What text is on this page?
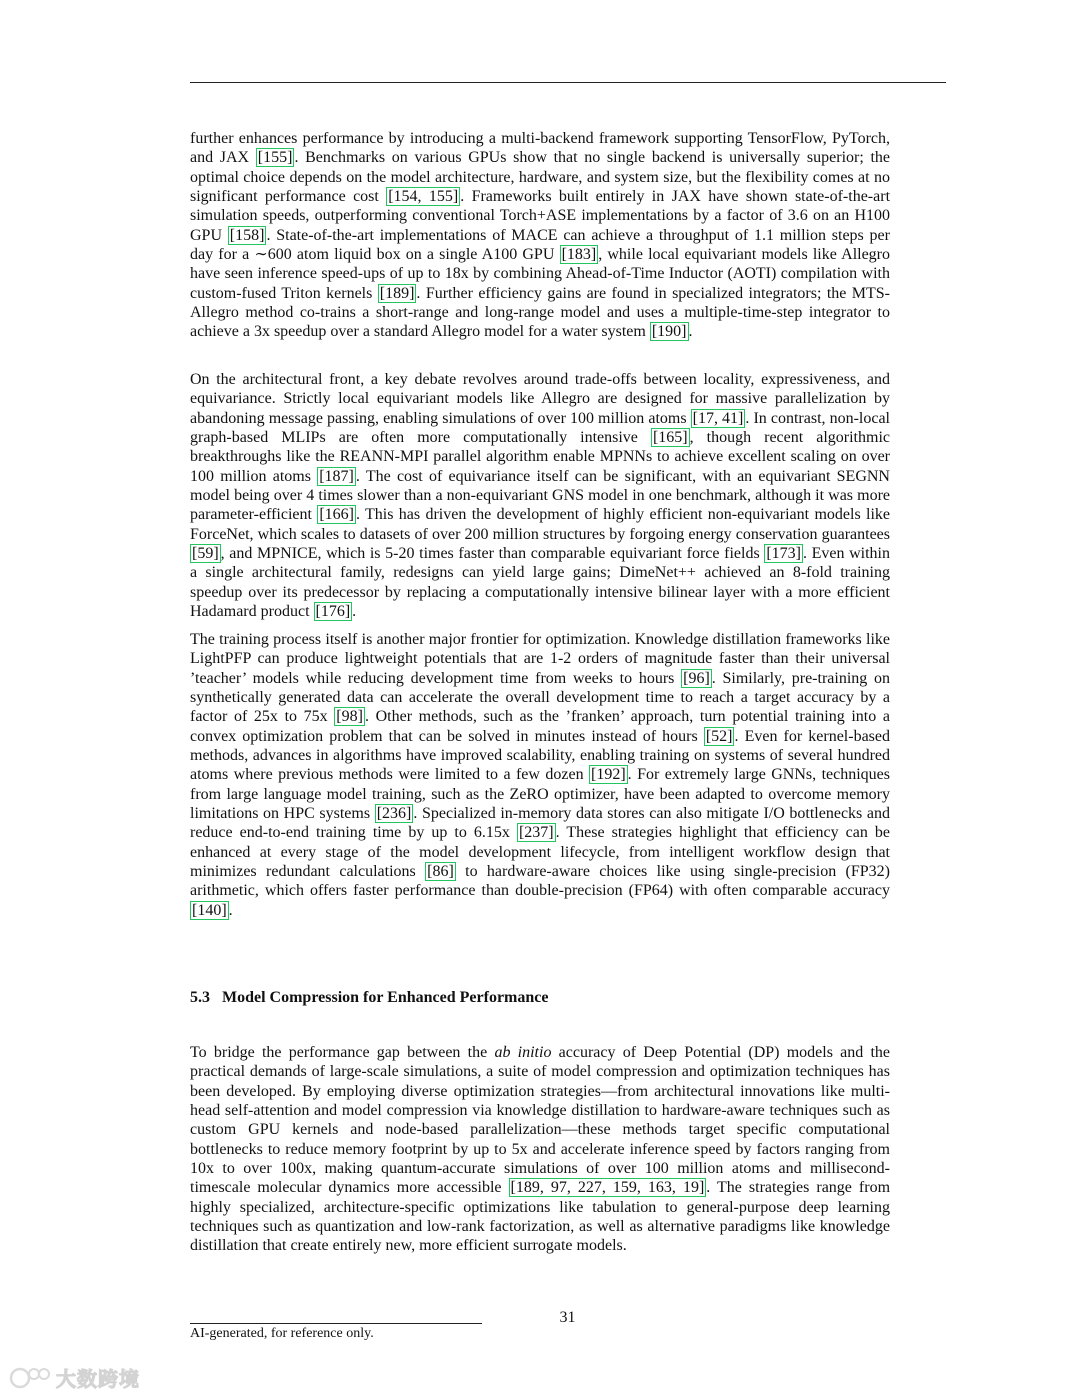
further enhances performance by introducing a multi-backend framework supporting TensorFlow, PyTorch, and JAX [155] . Benchmarks on various GPUs show that no single backend is universally superior; the optimal choice depends on the model architecture, hardware, and system size, but the flexibility comes at no significant performance cost [154, 155] . Frameworks built entirely in JAX have shown state-of-the-art simulation speeds, outperforming conventional Torch+ASE implementations by a factor of 3.6 on an H100 GPU [158] . State-of-the-art implementations of MACE can achieve a throughput of 1.1 million steps per day for a ∼600 atom liquid box on a single A100 GPU [183] , while local equivariant models like Allegro have seen inference speed-ups of up to 18x by combining Ahead-of-Time Inductor (AOTI) compilation with custom-fused Triton kernels [189] . Further efficiency gains are found in specialized integrators; the MTS-Allegro method co-trains a short-range and long-range model and uses a multiple-time-step integrator to achieve a 3x speedup over a standard Allegro model for a water system [190] .

On the architectural front, a key debate revolves around trade-offs between locality, expressiveness, and equivariance. Strictly local equivariant models like Allegro are designed for massive parallelization by abandoning message passing, enabling simulations of over 100 million atoms [17, 41] . In contrast, non-local graph-based MLIPs are often more computationally intensive [165] , though recent algorithmic breakthroughs like the REANN-MPI parallel algorithm enable MPNNs to achieve excellent scaling on over 100 million atoms [187] . The cost of equivariance itself can be significant, with an equivariant SEGNN model being over 4 times slower than a non-equivariant GNS model in one benchmark, although it was more parameter-efficient [166] . This has driven the development of highly efficient non-equivariant models like ForceNet, which scales to datasets of over 200 million structures by forgoing energy conservation guarantees [59] , and MPNICE, which is 5-20 times faster than comparable equivariant force fields [173] . Even within a single architectural family, redesigns can yield large gains; DimeNet++ achieved an 8-fold training speedup over its predecessor by replacing a computationally intensive bilinear layer with a more efficient Hadamard product [176] .

The training process itself is another major frontier for optimization. Knowledge distillation frameworks like LightPFP can produce lightweight potentials that are 1-2 orders of magnitude faster than their universal ’teacher’ models while reducing development time from weeks to hours [96] . Similarly, pre-training on synthetically generated data can accelerate the overall development time to reach a target accuracy by a factor of 25x to 75x [98] . Other methods, such as the ’franken’ approach, turn potential training into a convex optimization problem that can be solved in minutes instead of hours [52] . Even for kernel-based methods, advances in algorithms have improved scalability, enabling training on systems of several hundred atoms where previous methods were limited to a few dozen [192] . For extremely large GNNs, techniques from large language model training, such as the ZeRO optimizer, have been adapted to overcome memory limitations on HPC systems [236] . Specialized in-memory data stores can also mitigate I/O bottlenecks and reduce end-to-end training time by up to 6.15x [237] . These strategies highlight that efficiency can be enhanced at every stage of the model development lifecycle, from intelligent workflow design that minimizes redundant calculations [86] to hardware-aware choices like using single-precision (FP32) arithmetic, which offers faster performance than double-precision (FP64) with often comparable accuracy [140] .

5.3 Model Compression for Enhanced Performance

To bridge the performance gap between the ab initio accuracy of Deep Potential (DP) models and the practical demands of large-scale simulations, a suite of model compression and optimization techniques has been developed. By employing diverse optimization strategies—from architectural innovations like multi-head self-attention and model compression via knowledge distillation to hardware-aware techniques such as custom GPU kernels and node-based parallelization—these methods target specific computational bottlenecks to reduce memory footprint by up to 5x and accelerate inference speed by factors ranging from 10x to over 100x, making quantum-accurate simulations of over 100 million atoms and millisecond-timescale molecular dynamics more accessible [189, 97, 227, 159, 163, 19] . The strategies range from highly specialized, architecture-specific optimizations like tabulation to general-purpose deep learning techniques such as quantization and low-rank factorization, as well as alternative paradigms like knowledge distillation that create entirely new, more efficient surrogate models.

31
AI-generated, for reference only.
大数跨境
